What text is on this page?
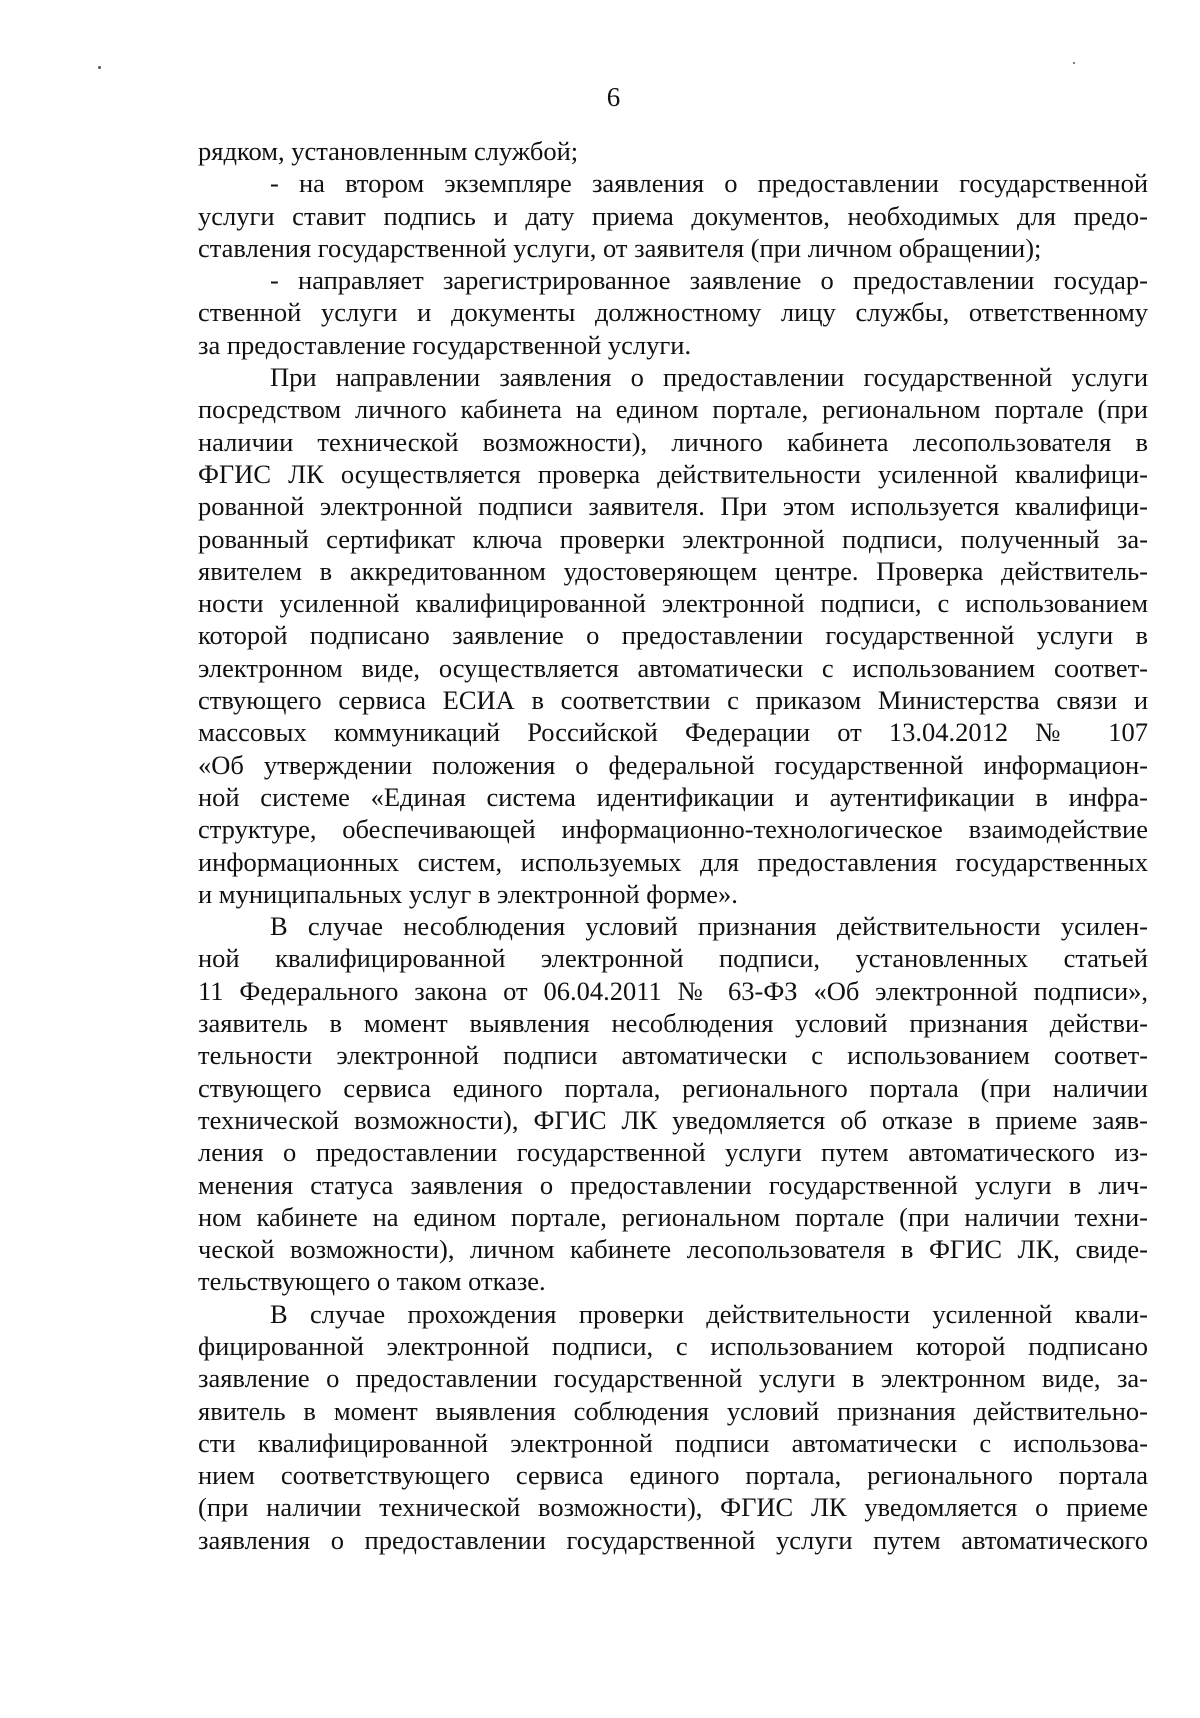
6
рядком, установленным службой;
- на втором экземпляре заявления о предоставлении государственной
услуги ставит подпись и дату приема документов, необходимых для предо-
ставления государственной услуги, от заявителя (при личном обращении);
- направляет зарегистрированное заявление о предоставлении государ-
ственной услуги и документы должностному лицу службы, ответственному
за предоставление государственной услуги.
При направлении заявления о предоставлении государственной услуги
посредством личного кабинета на едином портале, региональном портале (при
наличии технической возможности), личного кабинета лесопользователя в
ФГИС ЛК осуществляется проверка действительности усиленной квалифици-
рованной электронной подписи заявителя. При этом используется квалифици-
рованный сертификат ключа проверки электронной подписи, полученный за-
явителем в аккредитованном удостоверяющем центре. Проверка действитель-
ности усиленной квалифицированной электронной подписи, с использованием
которой подписано заявление о предоставлении государственной услуги в
электронном виде, осуществляется автоматически с использованием соответ-
ствующего сервиса ЕСИА в соответствии с приказом Министерства связи и
массовых коммуникаций Российской Федерации от 13.04.2012 № 107
«Об утверждении положения о федеральной государственной информацион-
ной системе «Единая система идентификации и аутентификации в инфра-
структуре, обеспечивающей информационно-технологическое взаимодействие
информационных систем, используемых для предоставления государственных
и муниципальных услуг в электронной форме».
В случае несоблюдения условий признания действительности усилен-
ной квалифицированной электронной подписи, установленных статьей
11 Федерального закона от 06.04.2011 № 63-ФЗ «Об электронной подписи»,
заявитель в момент выявления несоблюдения условий признания действи-
тельности электронной подписи автоматически с использованием соответ-
ствующего сервиса единого портала, регионального портала (при наличии
технической возможности), ФГИС ЛК уведомляется об отказе в приеме заяв-
ления о предоставлении государственной услуги путем автоматического из-
менения статуса заявления о предоставлении государственной услуги в лич-
ном кабинете на едином портале, региональном портале (при наличии техни-
ческой возможности), личном кабинете лесопользователя в ФГИС ЛК, свиде-
тельствующего о таком отказе.
В случае прохождения проверки действительности усиленной квали-
фицированной электронной подписи, с использованием которой подписано
заявление о предоставлении государственной услуги в электронном виде, за-
явитель в момент выявления соблюдения условий признания действительно-
сти квалифицированной электронной подписи автоматически с использова-
нием соответствующего сервиса единого портала, регионального портала
(при наличии технической возможности), ФГИС ЛК уведомляется о приеме
заявления о предоставлении государственной услуги путем автоматического
